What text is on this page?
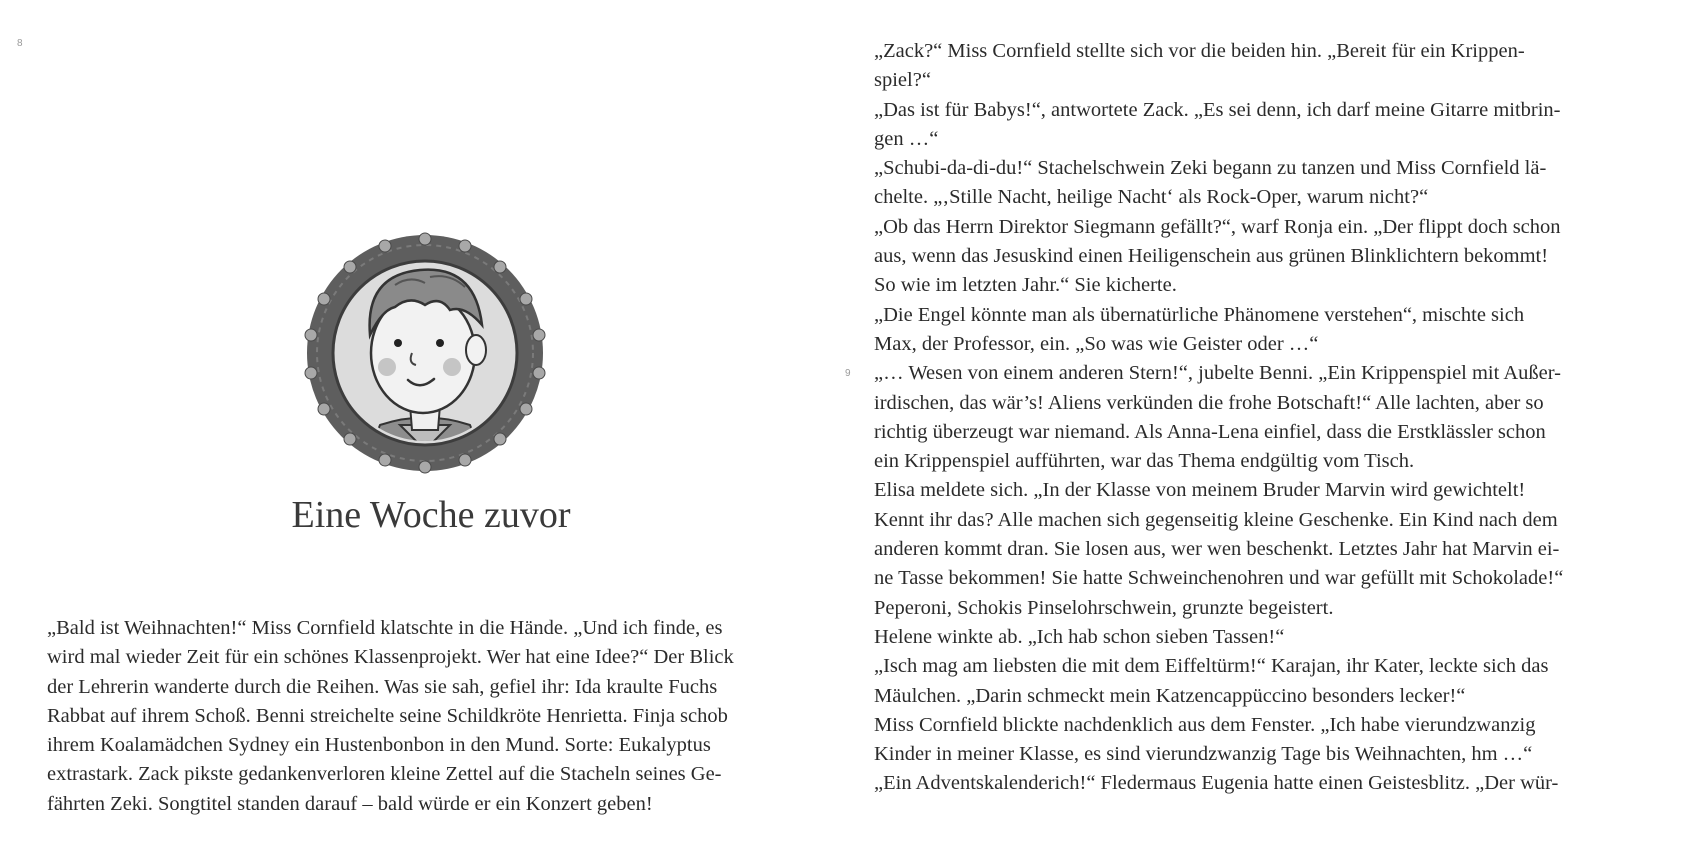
8
Eine Woche zuvor
„Bald ist Weihnachten!“ Miss Cornfield klatschte in die Hände. „Und ich finde, es
wird mal wieder Zeit für ein schönes Klassenprojekt. Wer hat eine Idee?“ Der Blick
der Lehrerin wanderte durch die Reihen. Was sie sah, gefiel ihr: Ida kraulte Fuchs
Rabbat auf ihrem Schoß. Benni streichelte seine Schildkröte Henrietta. Finja schob
ihrem Koalamädchen Sydney ein Hustenbonbon in den Mund. Sorte: Eukalyptus
extrastark. Zack pikste gedankenverloren kleine Zettel auf die Stacheln seines Ge-
fährten Zeki. Songtitel standen darauf – bald würde er ein Konzert geben!
9
„Zack?“ Miss Cornfield stellte sich vor die beiden hin. „Bereit für ein Krippen-
spiel?“
„Das ist für Babys!“, antwortete Zack. „Es sei denn, ich darf meine Gitarre mitbrin-
gen …“
„Schubi-da-di-du!“ Stachelschwein Zeki begann zu tanzen und Miss Cornfield lä-
chelte. „‚Stille Nacht, heilige Nacht‘ als Rock-Oper, warum nicht?“
„Ob das Herrn Direktor Siegmann gefällt?“, warf Ronja ein. „Der flippt doch schon
aus, wenn das Jesuskind einen Heiligenschein aus grünen Blinklichtern bekommt!
So wie im letzten Jahr.“ Sie kicherte.
„Die Engel könnte man als übernatürliche Phänomene verstehen“, mischte sich
Max, der Professor, ein. „So was wie Geister oder …“
„… Wesen von einem anderen Stern!“, jubelte Benni. „Ein Krippenspiel mit Außer-
irdischen, das wär’s! Aliens verkünden die frohe Botschaft!“ Alle lachten, aber so
richtig überzeugt war niemand. Als Anna-Lena einfiel, dass die Erstklässler schon
ein Krippenspiel aufführten, war das Thema endgültig vom Tisch.
Elisa meldete sich. „In der Klasse von meinem Bruder Marvin wird gewichtelt!
Kennt ihr das? Alle machen sich gegenseitig kleine Geschenke. Ein Kind nach dem
anderen kommt dran. Sie losen aus, wer wen beschenkt. Letztes Jahr hat Marvin ei-
ne Tasse bekommen! Sie hatte Schweinchenohren und war gefüllt mit Schokolade!“
Peperoni, Schokis Pinselohrschwein, grunzte begeistert.
Helene winkte ab. „Ich hab schon sieben Tassen!“
„Isch mag am liebsten die mit dem Eiffeltürm!“ Karajan, ihr Kater, leckte sich das
Mäulchen. „Darin schmeckt mein Katzencappüccino besonders lecker!“
Miss Cornfield blickte nachdenklich aus dem Fenster. „Ich habe vierundzwanzig
Kinder in meiner Klasse, es sind vierundzwanzig Tage bis Weihnachten, hm …“
„Ein Adventskalenderich!“ Fledermaus Eugenia hatte einen Geistesblitz. „Der wür-
